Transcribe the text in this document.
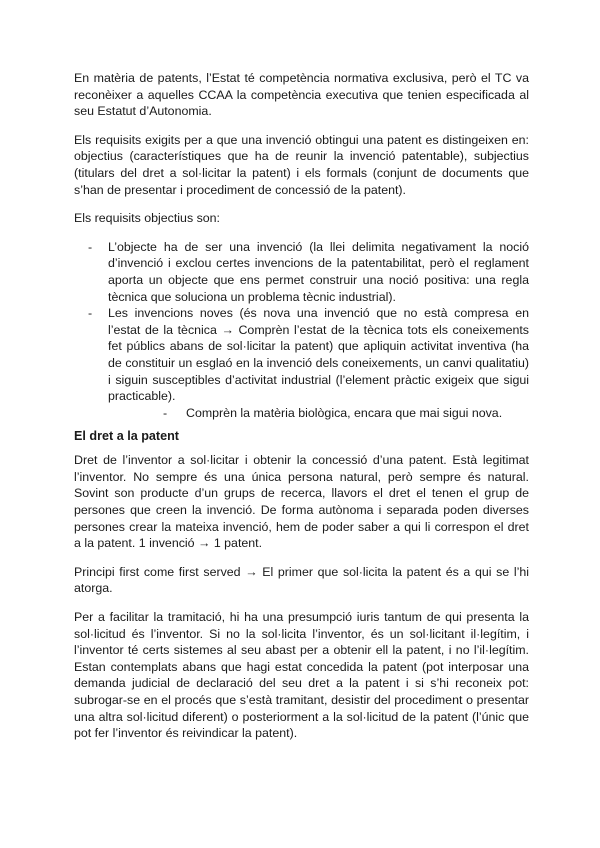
En matèria de patents, l’Estat té competència normativa exclusiva, però el TC va reconèixer a aquelles CCAA la competència executiva que tenien especificada al seu Estatut d’Autonomia.

Els requisits exigits per a que una invenció obtingui una patent es distingeixen en: objectius (característiques que ha de reunir la invenció patentable), subjectius (titulars del dret a sol·licitar la patent) i els formals (conjunt de documents que s’han de presentar i procediment de concessió de la patent).

Els requisits objectius son:

- L’objecte ha de ser una invenció (la llei delimita negativament la noció d’invenció i exclou certes invencions de la patentabilitat, però el reglament aporta un objecte que ens permet construir una noció positiva: una regla tècnica que soluciona un problema tècnic industrial).
- Les invencions noves (és nova una invenció que no està compresa en l’estat de la tècnica → Comprèn l’estat de la tècnica tots els coneixements fet públics abans de sol·licitar la patent) que apliquin activitat inventiva (ha de constituir un esglaó en la invenció dels coneixements, un canvi qualitatiu) i siguin susceptibles d’activitat industrial (l’element pràctic exigeix que sigui practicable).
- Comprèn la matèria biològica, encara que mai sigui nova.
El dret a la patent

Dret de l’inventor a sol·licitar i obtenir la concessió d’una patent. Està legitimat l’inventor. No sempre és una única persona natural, però sempre és natural. Sovint son producte d’un grups de recerca, llavors el dret el tenen el grup de persones que creen la invenció. De forma autònoma i separada poden diverses persones crear la mateixa invenció, hem de poder saber a qui li correspon el dret a la patent. 1 invenció → 1 patent.

Principi first come first served → El primer que sol·licita la patent és a qui se l’hi atorga.

Per a facilitar la tramitació, hi ha una presumpció iuris tantum de qui presenta la sol·licitud és l’inventor. Si no la sol·licita l’inventor, és un sol·licitant il·legítim, i l’inventor té certs sistemes al seu abast per a obtenir ell la patent, i no l’il·legítim. Estan contemplats abans que hagi estat concedida la patent (pot interposar una demanda judicial de declaració del seu dret a la patent i si s’hi reconeix pot: subrogar-se en el procés que s’està tramitant, desistir del procediment o presentar una altra sol·licitud diferent) o posteriorment a la sol·licitud de la patent (l’únic que pot fer l’inventor és reivindicar la patent).
